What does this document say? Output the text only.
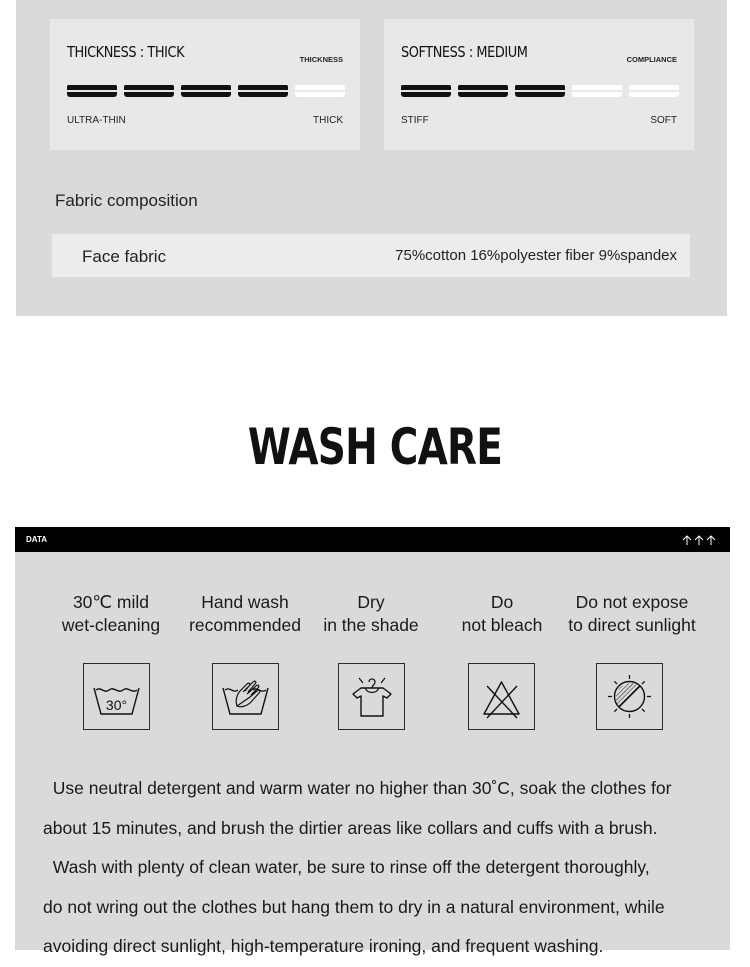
THICKNESS : THICK	THICKNESS
ULTRA-THIN	THICK
SOFTNESS : MEDIUM	COMPLIANCE
STIFF	SOFT
Fabric composition
Face fabric	75%cotton 16%polyester fiber 9%spandex
WASH CARE
DATA
30℃ mild
wet-cleaning
Hand wash
recommended
Dry
in the shade
Do
not bleach
Do not expose
to direct sunlight
30°

Use neutral detergent and warm water no higher than 30˚C, soak the clothes for

about 15 minutes, and brush the dirtier areas like collars and cuffs with a brush.

Wash with plenty of clean water, be sure to rinse off the detergent thoroughly,

do not wring out the clothes but hang them to dry in a natural environment, while

avoiding direct sunlight, high-temperature ironing, and frequent washing.
